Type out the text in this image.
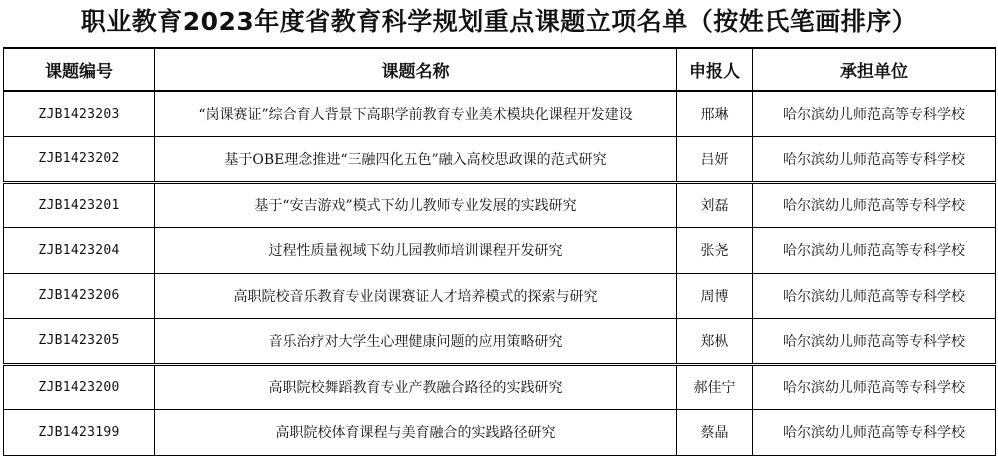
职业教育2023年度省教育科学规划重点课题立项名单（按姓氏笔画排序）
课题编号	课题名称	申报人	承担单位
ZJB1423203	“岗课赛证”综合育人背景下高职学前教育专业美术模块化课程开发建设	邢琳	哈尔滨幼儿师范高等专科学校
ZJB1423202	基于OBE理念推进“三融四化五色”融入高校思政课的范式研究	吕妍	哈尔滨幼儿师范高等专科学校
ZJB1423201	基于“安吉游戏”模式下幼儿教师专业发展的实践研究	刘磊	哈尔滨幼儿师范高等专科学校
ZJB1423204	过程性质量视域下幼儿园教师培训课程开发研究	张尧	哈尔滨幼儿师范高等专科学校
ZJB1423206	高职院校音乐教育专业岗课赛证人才培养模式的探索与研究	周博	哈尔滨幼儿师范高等专科学校
ZJB1423205	音乐治疗对大学生心理健康问题的应用策略研究	郑枞	哈尔滨幼儿师范高等专科学校
ZJB1423200	高职院校舞蹈教育专业产教融合路径的实践研究	郝佳宁	哈尔滨幼儿师范高等专科学校
ZJB1423199	高职院校体育课程与美育融合的实践路径研究	蔡晶	哈尔滨幼儿师范高等专科学校
